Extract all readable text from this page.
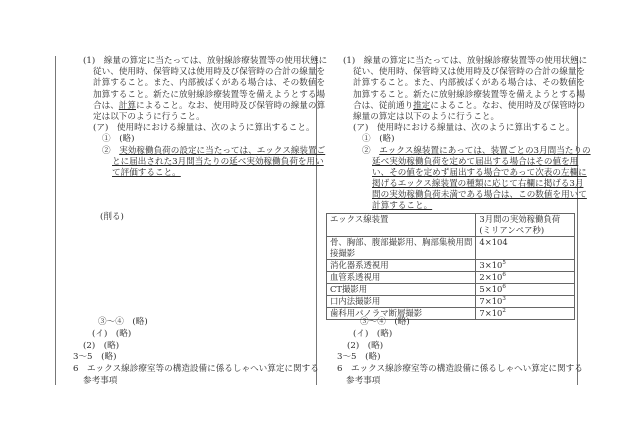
(1)　線量の算定に当たっては、放射線診療装置等の使用状態に
従い、使用時、保管時又は使用時及び保管時の合計の線量を
計算すること。また、内部被ばくがある場合は、その数値を
加算すること。新たに放射線診療装置等を備えようとする場
合は、計算によること。なお、使用時及び保管時の線量の算
定は以下のように行うこと。
(ア)　使用時における線量は、次のように算出すること。
①　(略)
②　実効稼働負荷の設定に当たっては、エックス線装置ご
とに届出された3月間当たりの延べ実効稼働負荷を用い
て評価すること。
(削る)
③〜④　(略)
(イ)　(略)
(2)　(略)
3〜5　(略)
6　エックス線診療室等の構造設備に係るしゃへい算定に関する
参考事項
(1)　線量の算定に当たっては、放射線診療装置等の使用状態に
従い、使用時、保管時又は使用時及び保管時の合計の線量を
計算すること。また、内部被ばくがある場合は、その数値を
加算すること。新たに放射線診療装置等を備えようとする場
合は、従前通り推定によること。なお、使用時及び保管時の
線量の算定は以下のように行うこと。
(ア)　使用時における線量は、次のように算出すること。
①　(略)
②　エックス線装置にあっては、装置ごとの3月間当たりの
延べ実効稼働負荷を定めて届出する場合はその値を用
い、その値を定めず届出する場合であって次表の左欄に
掲げるエックス線装置の種類に応じて右欄に掲げる3月
間の実効稼働負荷未満である場合は、この数値を用いて
計算すること。
エックス線装置	3月間の実効稼働負荷
(ミリアンペア秒)

骨、胸部、腹部撮影用、胸部集検用間
接撮影	4×104
消化器系透視用	$3\times 10^5$
血管系透視用	$2\times 10^6$
CT撮影用	$5\times 10^6$
口内法撮影用	$7\times 10^3$
歯科用パノラマ断層撮影	$7\times 10^2$
③〜④　(略)
(イ)　(略)
(2)　(略)
3〜5　(略)
6　エックス線診療室等の構造設備に係るしゃへい算定に関する
参考事項
